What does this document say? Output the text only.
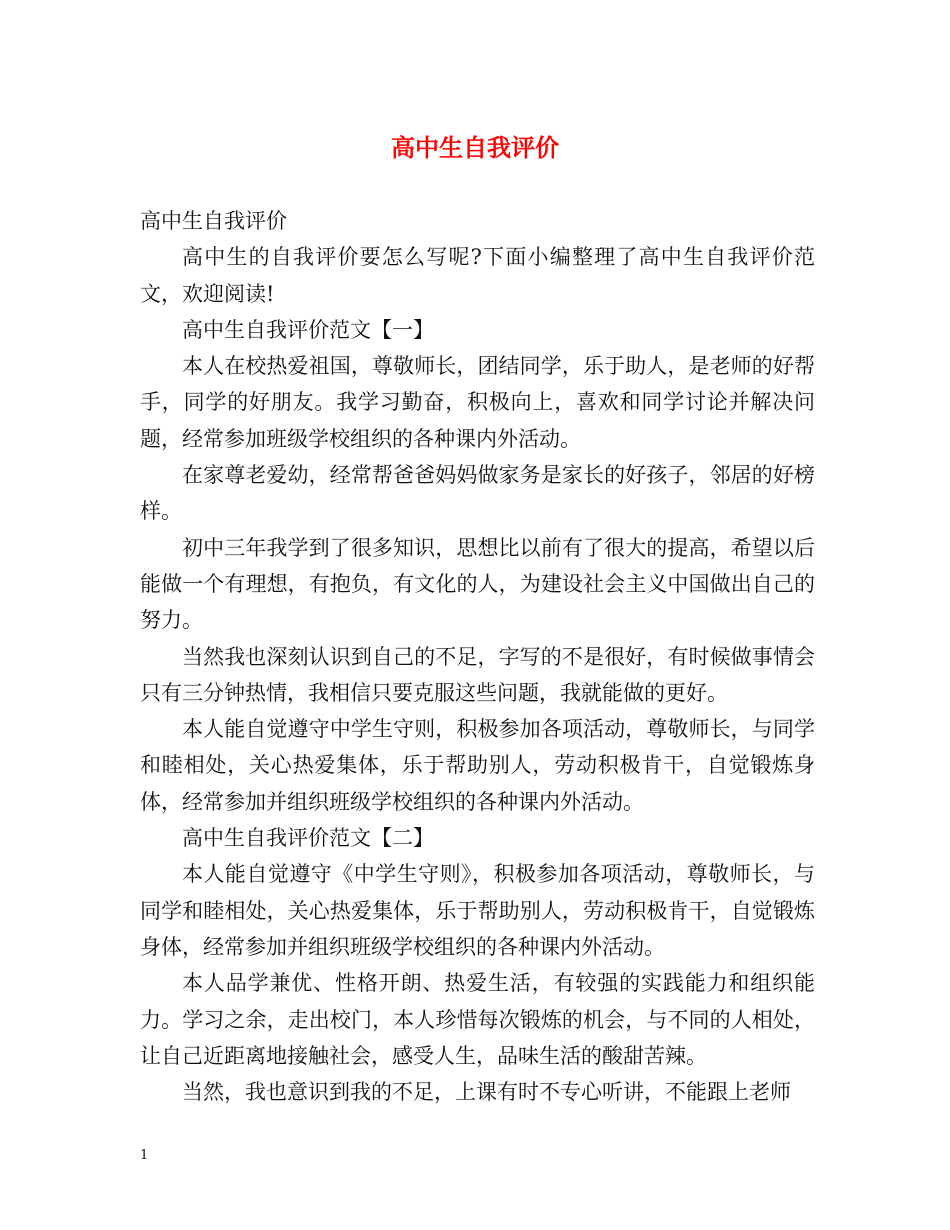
高中生自我评价

高中生自我评价

高中生的自我评价要怎么写呢?下面小编整理了高中生自我评价范文，欢迎阅读!

高中生自我评价范文【一】

本人在校热爱祖国，尊敬师长，团结同学，乐于助人，是老师的好帮手，同学的好朋友。我学习勤奋，积极向上，喜欢和同学讨论并解决问题，经常参加班级学校组织的各种课内外活动。

在家尊老爱幼，经常帮爸爸妈妈做家务是家长的好孩子，邻居的好榜样。

初中三年我学到了很多知识，思想比以前有了很大的提高，希望以后能做一个有理想，有抱负，有文化的人，为建设社会主义中国做出自己的努力。

当然我也深刻认识到自己的不足，字写的不是很好，有时候做事情会只有三分钟热情，我相信只要克服这些问题，我就能做的更好。

本人能自觉遵守中学生守则，积极参加各项活动，尊敬师长，与同学和睦相处，关心热爱集体，乐于帮助别人，劳动积极肯干，自觉锻炼身体，经常参加并组织班级学校组织的各种课内外活动。

高中生自我评价范文【二】

本人能自觉遵守《中学生守则》，积极参加各项活动，尊敬师长，与同学和睦相处，关心热爱集体，乐于帮助别人，劳动积极肯干，自觉锻炼身体，经常参加并组织班级学校组织的各种课内外活动。

本人品学兼优、性格开朗、热爱生活，有较强的实践能力和组织能力。学习之余，走出校门，本人珍惜每次锻炼的机会，与不同的人相处，让自己近距离地接触社会，感受人生，品味生活的酸甜苦辣。

当然，我也意识到我的不足，上课有时不专心听讲，不能跟上老师

1
